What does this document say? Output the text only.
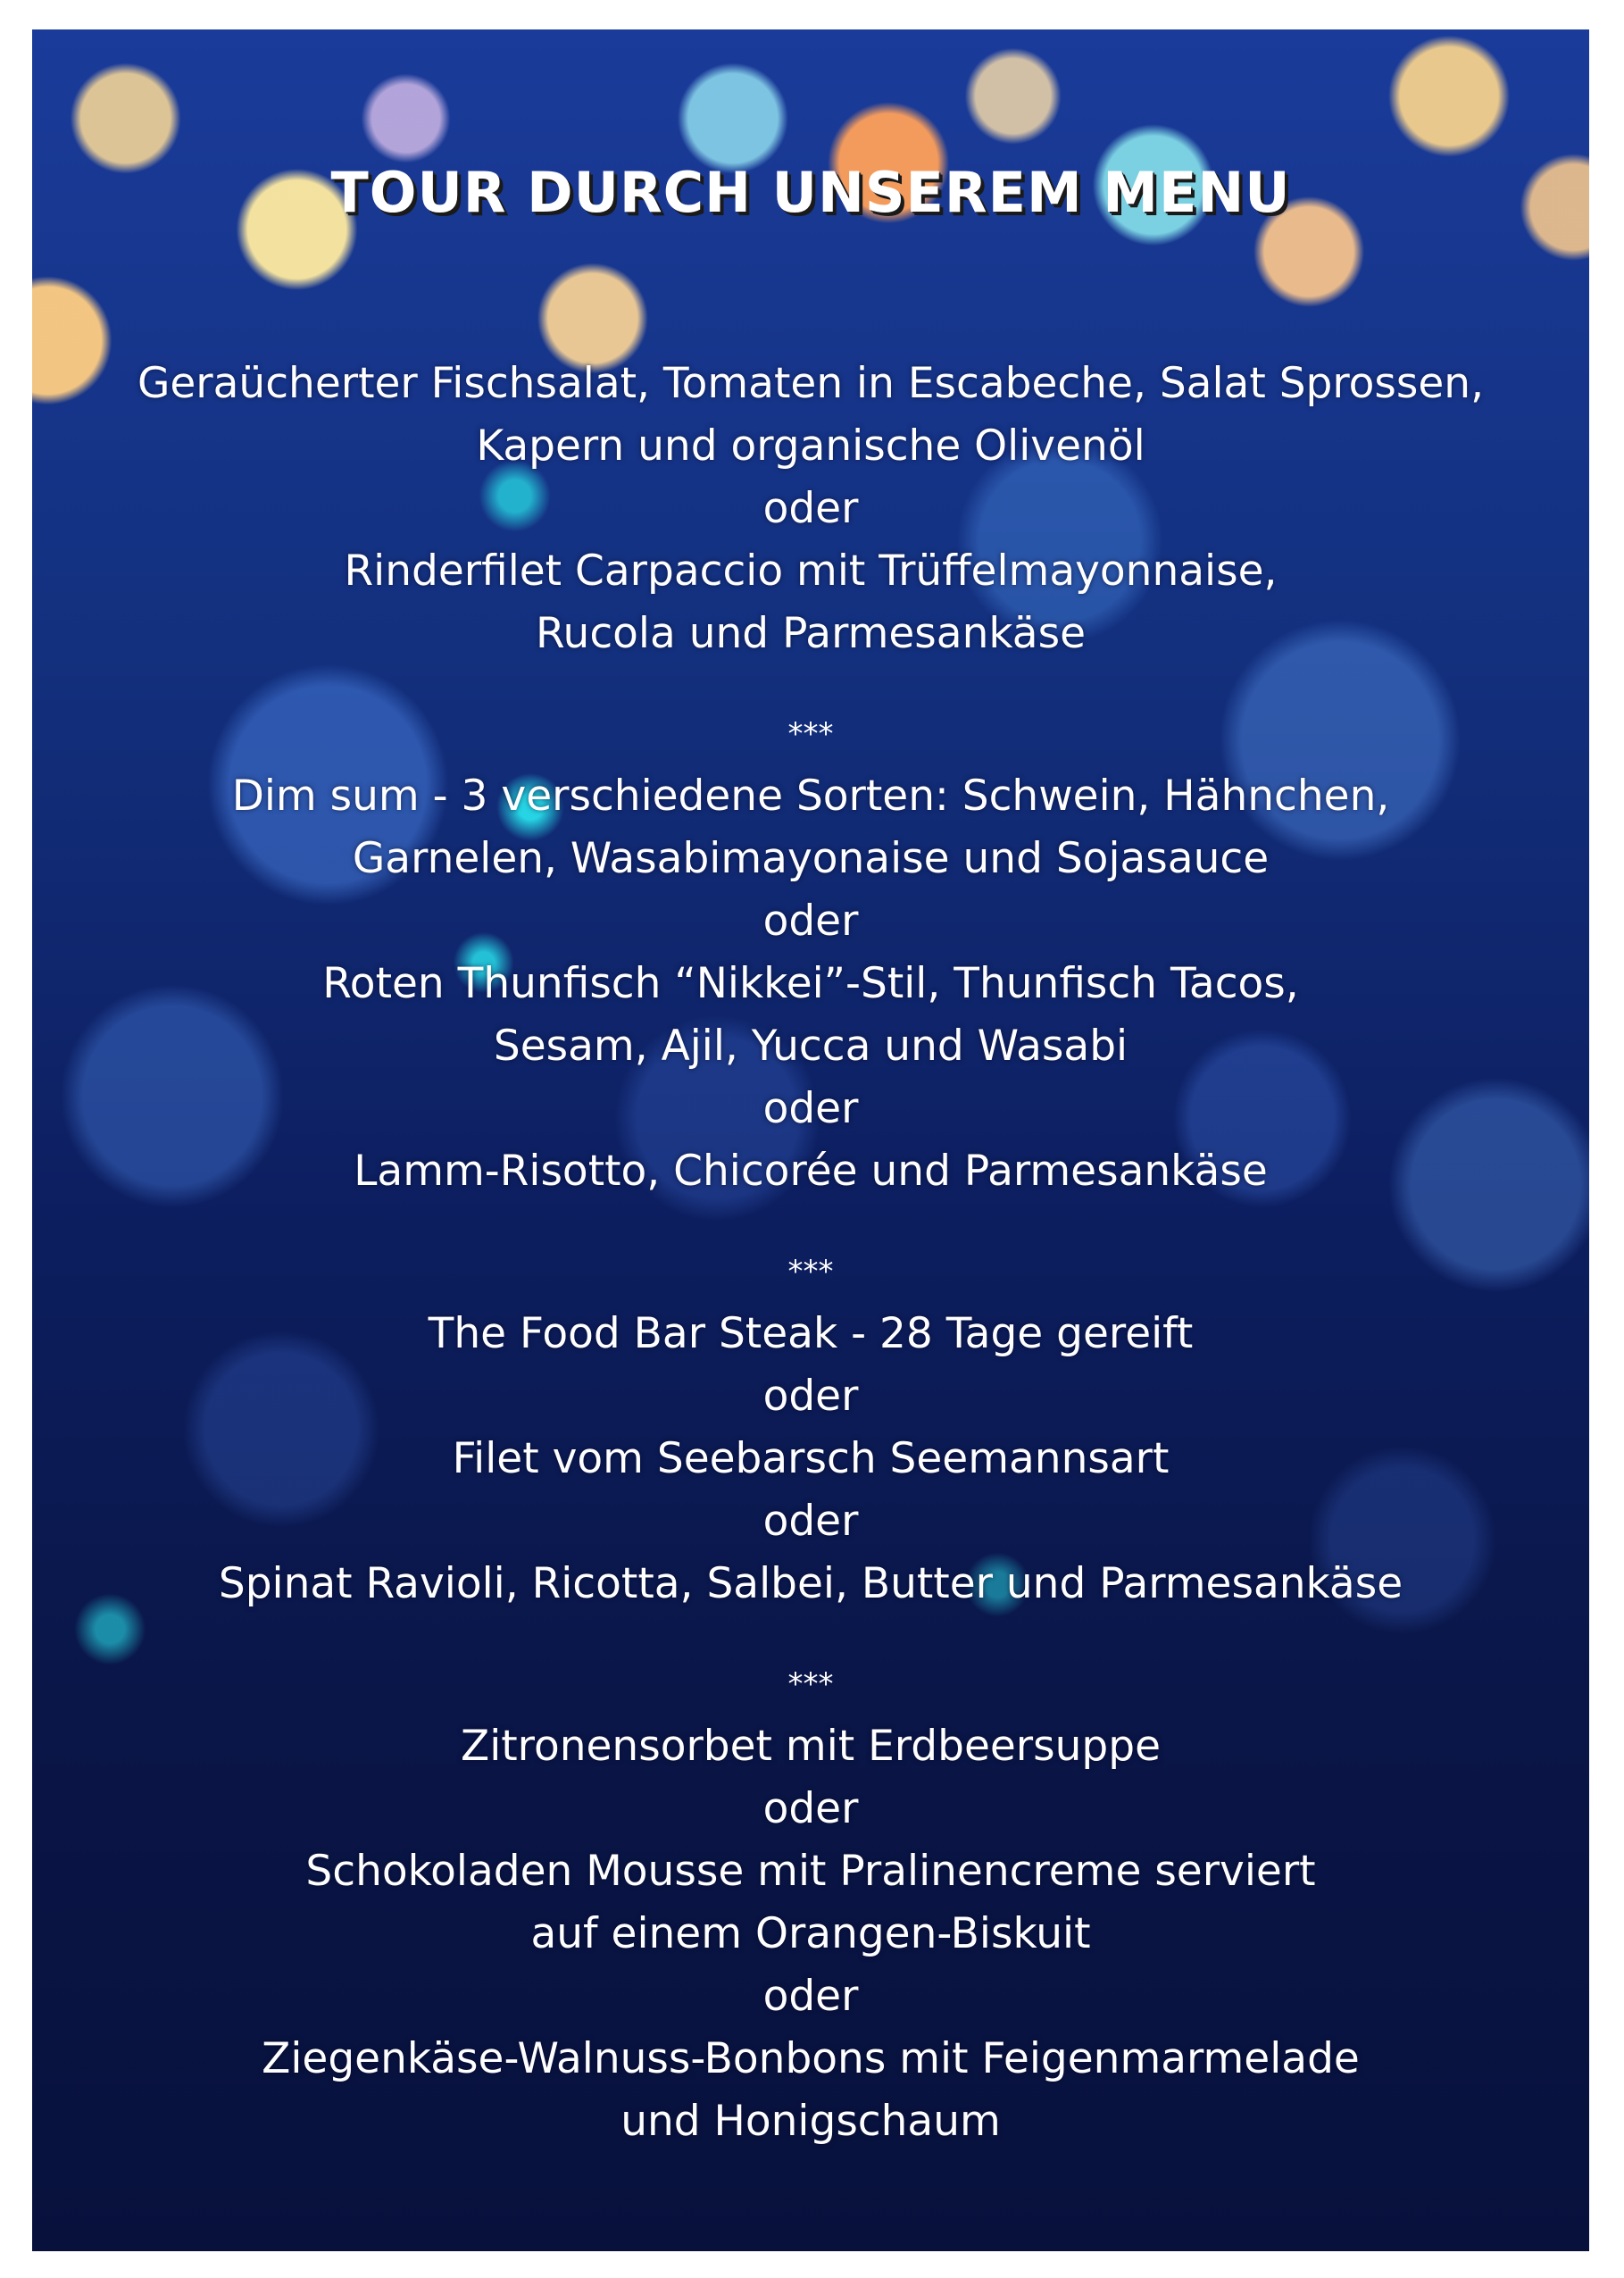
TOUR DURCH UNSEREM MENU
Geraücherter Fischsalat, Tomaten in Escabeche, Salat Sprossen,
Kapern und organische Olivenöl
oder
Rinderfilet Carpaccio mit Trüffelmayonnaise,
Rucola und Parmesankäse
***
Dim sum - 3 verschiedene Sorten: Schwein, Hähnchen,
Garnelen, Wasabimayonaise und Sojasauce
oder
Roten Thunfisch “Nikkei”-Stil, Thunfisch Tacos,
Sesam, Ajil, Yucca und Wasabi
oder
Lamm-Risotto, Chicorée und Parmesankäse
***
The Food Bar Steak - 28 Tage gereift
oder
Filet vom Seebarsch Seemannsart
oder
Spinat Ravioli, Ricotta, Salbei, Butter und Parmesankäse
***
Zitronensorbet mit Erdbeersuppe
oder
Schokoladen Mousse mit Pralinencreme serviert
auf einem Orangen-Biskuit
oder
Ziegenkäse-Walnuss-Bonbons mit Feigenmarmelade
und Honigschaum
